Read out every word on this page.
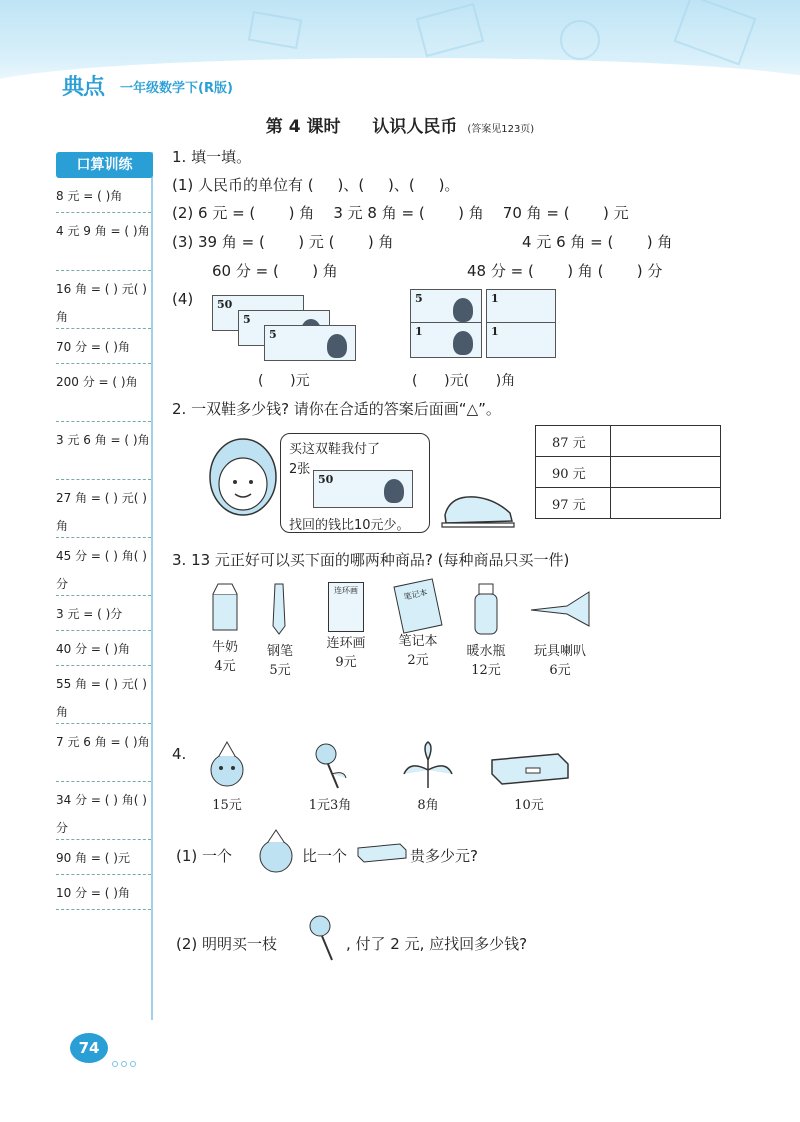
典点 一年级数学下(R版)
第 4 课时 认识人民币 (答案见123页)
口算训练
8 元 = ( )角
4 元 9 角 = ( )角
16 角 = ( ) 元( )角
70 分 = ( )角
200 分 = ( )角
3 元 6 角 = ( )角
27 角 = ( ) 元( )角
45 分 = ( ) 角( )分
3 元 = ( )分
40 分 = ( )角
55 角 = ( ) 元( )角
7 元 6 角 = ( )角
34 分 = ( ) 角( )分
90 角 = ( )元
10 分 = ( )角
1. 填一填。
(1) 人民币的单位有 (     )、(     )、(     )。
(2) 6 元 = (       ) 角    3 元 8 角 = (       ) 角    70 角 = (       ) 元
(3) 39 角 = (       ) 元 (       ) 角	4 元 6 角 = (       ) 角
60 分 = (       ) 角	48 分 = (       ) 角 (       ) 分
(4) 50
5
5
(      )元
5	1
1	1
(      )元(      )角
2. 一双鞋多少钱? 请你在合适的答案后面画“△”。
买这双鞋我付了
2张
50
找回的钱比10元少。
87 元	
90 元	
97 元	
3. 13 元正好可以买下面的哪两种商品? (每种商品只买一件)
牛奶
4元
钢笔
5元
连环画
连环画
9元
笔记本
笔记本
2元
暖水瓶
12元
玩具喇叭
6元
4.
15元	1元3角	8角	10元
(1) 一个	比一个	贵多少元?
(2) 明明买一枝	, 付了 2 元, 应找回多少钱?
74
